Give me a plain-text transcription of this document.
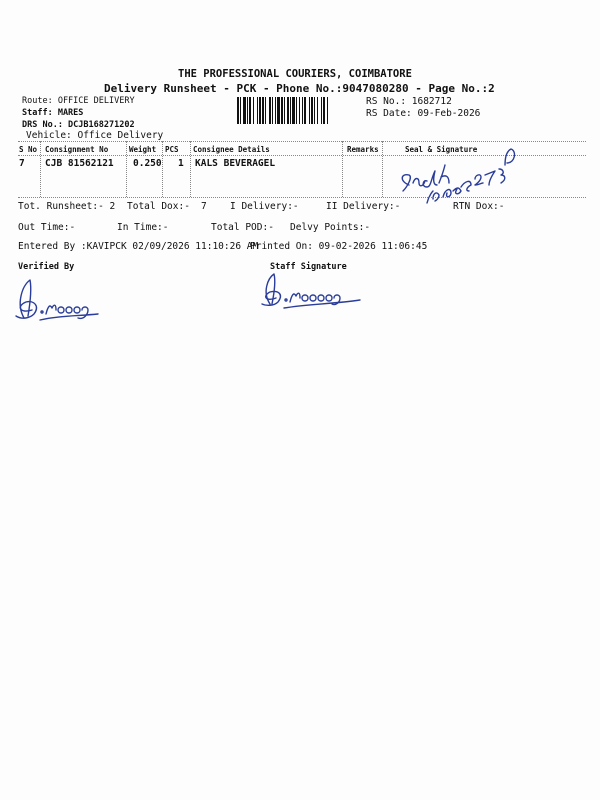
THE PROFESSIONAL COURIERS, COIMBATORE
Delivery Runsheet - PCK - Phone No.:9047080280 - Page No.:2
Route: OFFICE DELIVERY
Staff: MARES
DRS No.: DCJB168271202
Vehicle: Office Delivery
RS No.: 1682712
RS Date: 09-Feb-2026
S No Consignment No	Weight PCS Consignee Details	Remarks	Seal & Signature
7 CJB 81562121 0.250 1 KALS BEVERAGEL
Tot. Runsheet:- 2 Total Dox:- 7 I Delivery:-	II Delivery:-	RTN Dox:-
Out Time:-	In Time:-	Total POD:- Delvy Points:-
Entered By :KAVIPCK 02/09/2026 11:10:26 AM
Printed On: 09-02-2026 11:06:45
Verified By	Staff Signature
